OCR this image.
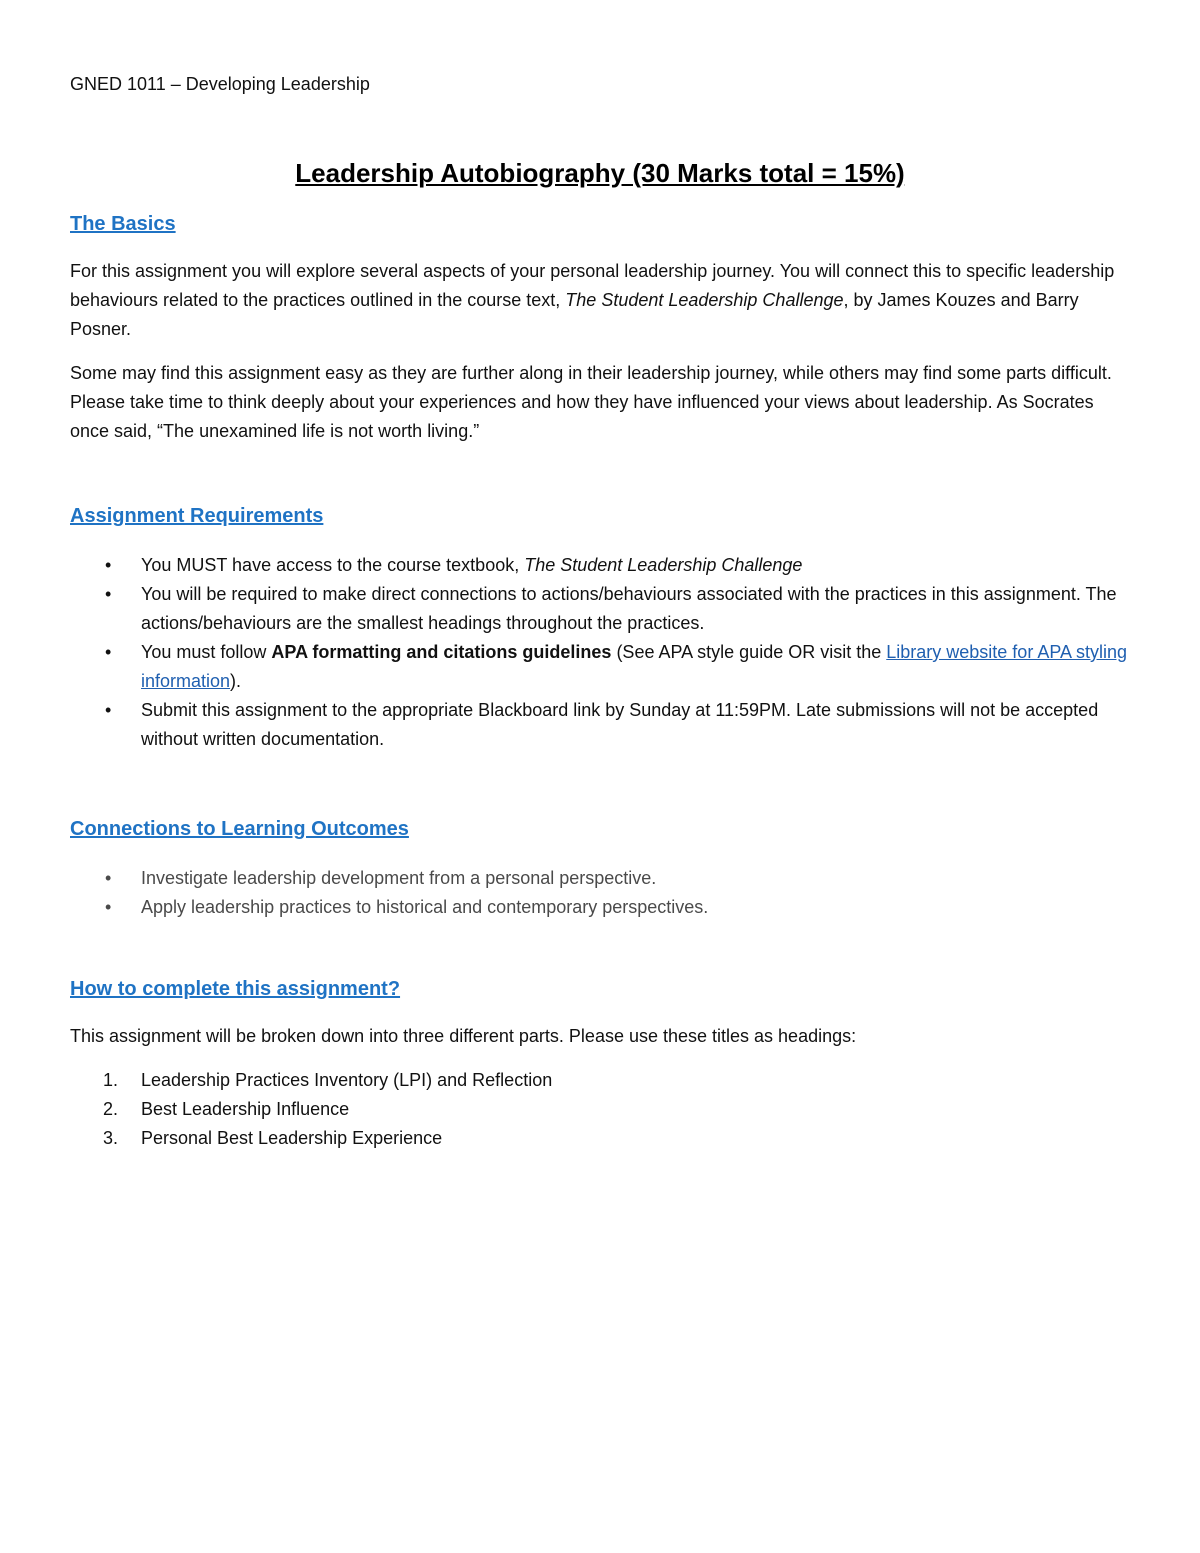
GNED 1011 – Developing Leadership
Leadership Autobiography (30 Marks total = 15%)
The Basics
For this assignment you will explore several aspects of your personal leadership journey. You will connect this to specific leadership behaviours related to the practices outlined in the course text, The Student Leadership Challenge, by James Kouzes and Barry Posner.
Some may find this assignment easy as they are further along in their leadership journey, while others may find some parts difficult. Please take time to think deeply about your experiences and how they have influenced your views about leadership. As Socrates once said, “The unexamined life is not worth living.”
Assignment Requirements
• You MUST have access to the course textbook, The Student Leadership Challenge
• You will be required to make direct connections to actions/behaviours associated with the practices in this assignment. The actions/behaviours are the smallest headings throughout the practices.
• You must follow APA formatting and citations guidelines (See APA style guide OR visit the Library website for APA styling information).
• Submit this assignment to the appropriate Blackboard link by Sunday at 11:59PM. Late submissions will not be accepted without written documentation.
Connections to Learning Outcomes
• Investigate leadership development from a personal perspective.
• Apply leadership practices to historical and contemporary perspectives.
How to complete this assignment?
This assignment will be broken down into three different parts. Please use these titles as headings:
1. Leadership Practices Inventory (LPI) and Reflection
2. Best Leadership Influence
3. Personal Best Leadership Experience
